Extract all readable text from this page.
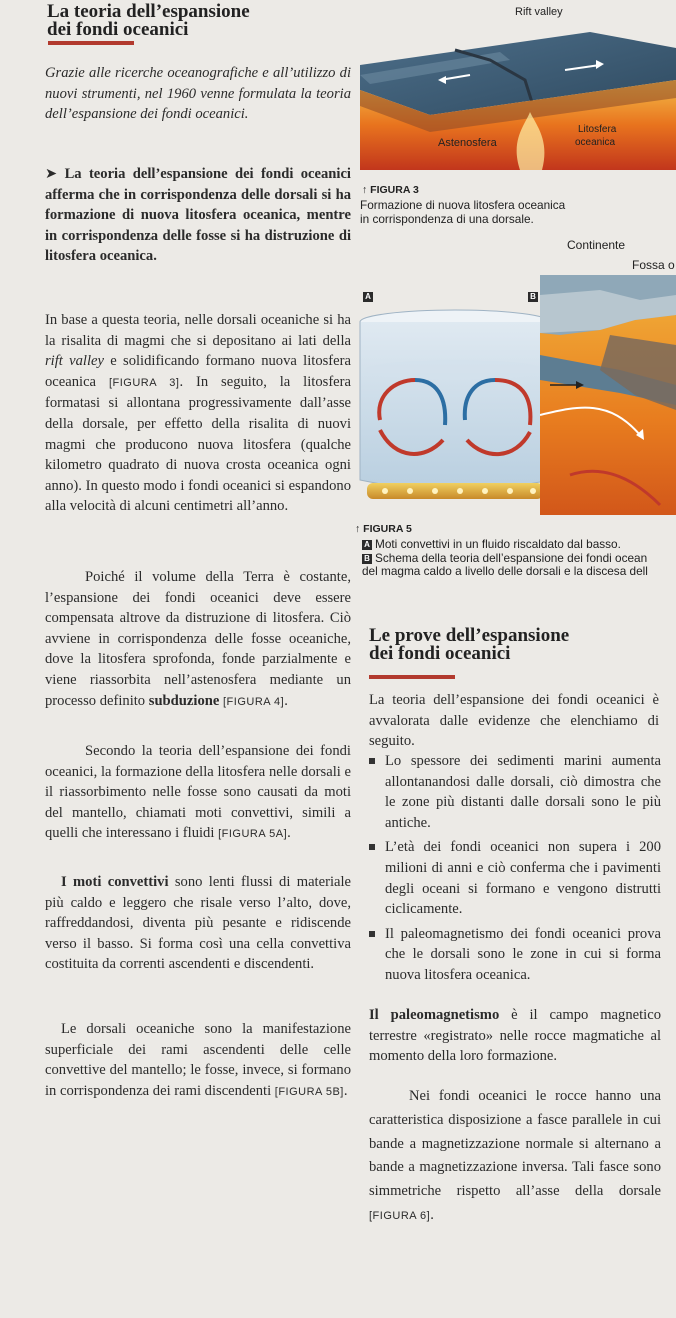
La teoria dell’espansione
dei fondi oceanici
Grazie alle ricerche oceanografiche e all’utilizzo di nuovi strumenti, nel 1960 venne formulata la teoria dell’espansione dei fondi oceanici.
➤ La teoria dell’espansione dei fondi oceanici afferma che in corrispondenza delle dorsali si ha formazione di nuova litosfera oceanica, mentre in corrispondenza delle fosse si ha distruzione di litosfera oceanica.
In base a questa teoria, nelle dorsali oceaniche si ha la risalita di magmi che si depositano ai lati della rift valley e solidificando formano nuova litosfera oceanica [FIGURA 3]. In seguito, la litosfera formatasi si allontana progressivamente dall’asse della dorsale, per effetto della risalita di nuovi magmi che producono nuova litosfera (qualche kilometro quadrato di nuova crosta oceanica ogni anno). In questo modo i fondi oceanici si espandono alla velocità di alcuni centimetri all’anno.
Poiché il volume della Terra è costante, l’espansione dei fondi oceanici deve essere compensata altrove da distruzione di litosfera. Ciò avviene in corrispondenza delle fosse oceaniche, dove la litosfera sprofonda, fonde parzialmente e viene riassorbita nell’astenosfera mediante un processo definito subduzione [FIGURA 4].
Secondo la teoria dell’espansione dei fondi oceanici, la formazione della litosfera nelle dorsali e il riassorbimento nelle fosse sono causati da moti del mantello, chiamati moti convettivi, simili a quelli che interessano i fluidi [FIGURA 5A].
I moti convettivi sono lenti flussi di materiale più caldo e leggero che risale verso l’alto, dove, raffreddandosi, diventa più pesante e ridiscende verso il basso. Si forma così una cella convettiva costituita da correnti ascendenti e discendenti.
Le dorsali oceaniche sono la manifestazione superficiale dei rami ascendenti delle celle convettive del mantello; le fosse, invece, si formano in corrispondenza dei rami discendenti [FIGURA 5B].
Rift valley
Litosfera
oceanica
Astenosfera
↑ FIGURA 3
Formazione di nuova litosfera oceanica
in corrispondenza di una dorsale.
Continente
Fossa o
A	B
↑ FIGURA 5
A Moti convettivi in un fluido riscaldato dal basso.
B Schema della teoria dell’espansione dei fondi ocean
del magma caldo a livello delle dorsali e la discesa dell
Le prove dell’espansione
dei fondi oceanici
La teoria dell’espansione dei fondi oceanici è avvalorata dalle evidenze che elenchiamo di seguito.
Lo spessore dei sedimenti marini aumenta allontanandosi dalle dorsali, ciò dimostra che le zone più distanti dalle dorsali sono le più antiche.
L’età dei fondi oceanici non supera i 200 milioni di anni e ciò conferma che i pavimenti degli oceani si formano e vengono distrutti ciclicamente.
Il paleomagnetismo dei fondi oceanici prova che le dorsali sono le zone in cui si forma nuova litosfera oceanica.
Il paleomagnetismo è il campo magnetico terrestre «registrato» nelle rocce magmatiche al momento della loro formazione.
Nei fondi oceanici le rocce hanno una caratteristica disposizione a fasce parallele in cui bande a magnetizzazione normale si alternano a bande a magnetizzazione inversa. Tali fasce sono simmetriche rispetto all’asse della dorsale [FIGURA 6].
